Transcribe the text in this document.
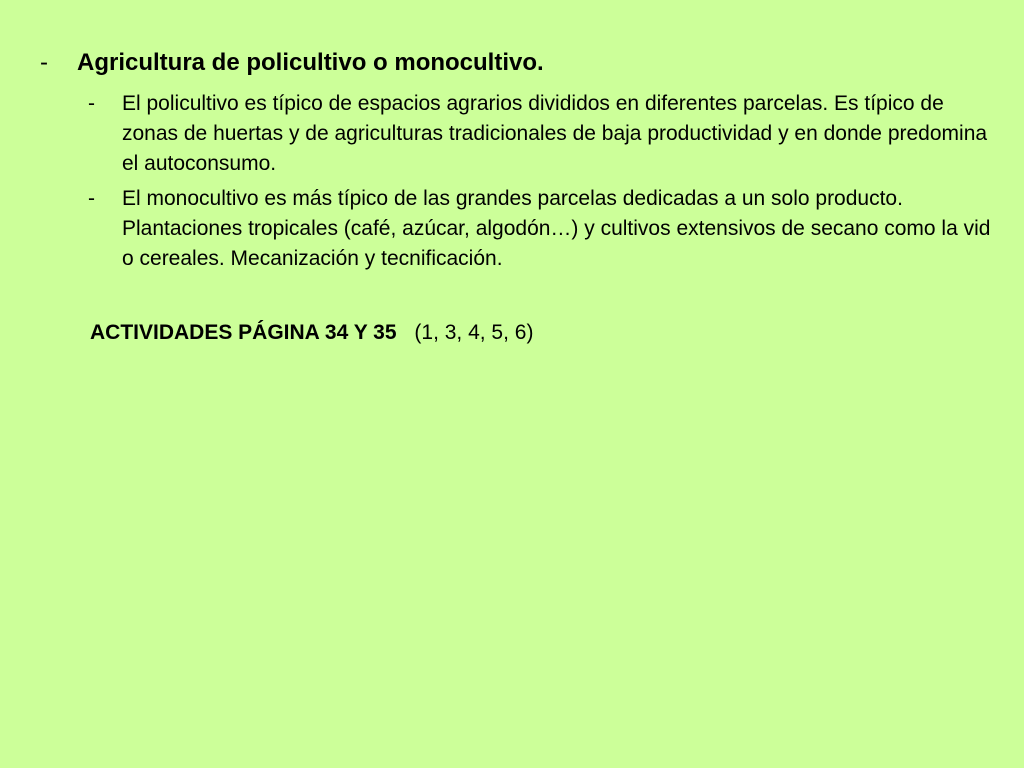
- Agricultura de policultivo o monocultivo.
- El policultivo es típico de espacios agrarios divididos en diferentes parcelas. Es típico de zonas de huertas y de agriculturas tradicionales de baja productividad y en donde predomina el autoconsumo.
- El monocultivo es más típico de las grandes parcelas dedicadas a un solo producto. Plantaciones tropicales (café, azúcar, algodón…) y cultivos extensivos de secano como la vid o cereales. Mecanización y tecnificación.
ACTIVIDADES PÁGINA 34 Y 35 (1, 3, 4, 5, 6)
